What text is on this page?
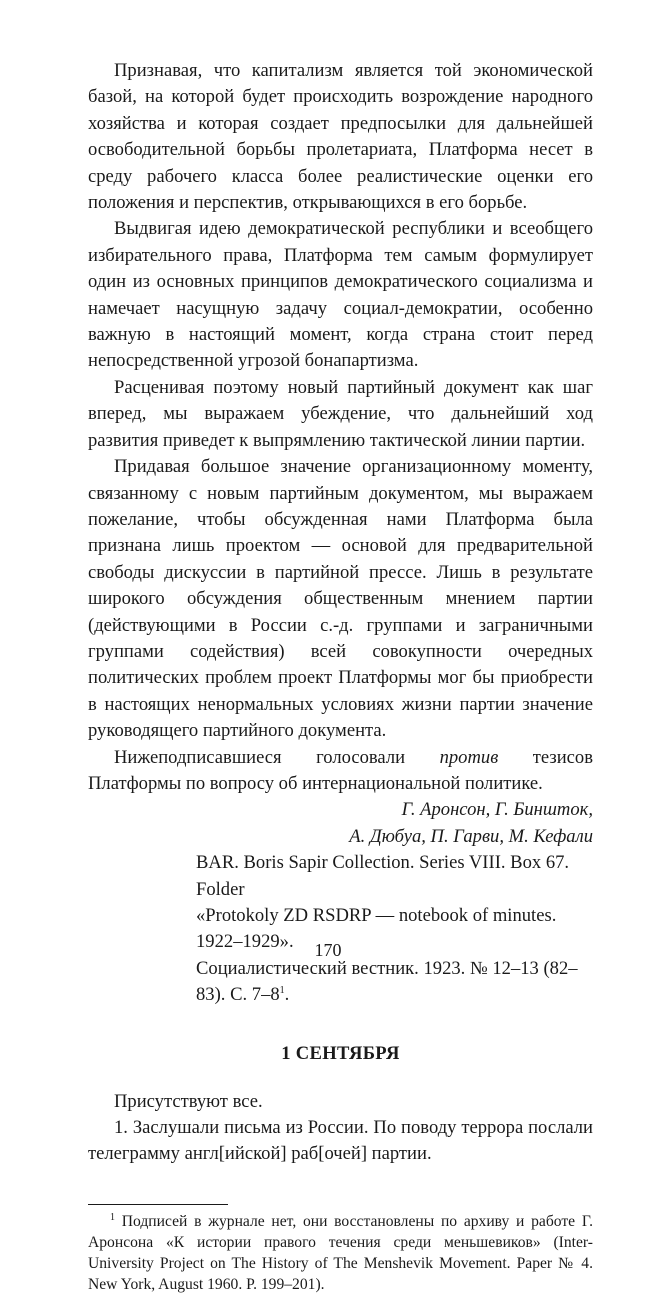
Признавая, что капитализм является той экономической базой, на которой будет происходить возрождение народного хозяйства и которая создает предпосылки для дальнейшей освободительной борьбы пролетариата, Платформа несет в среду рабочего класса более реалистические оценки его положения и перспектив, открывающихся в его борьбе.

Выдвигая идею демократической республики и всеобщего избирательного права, Платформа тем самым формулирует один из основных принципов демократического социализма и намечает насущную задачу социал-демократии, особенно важную в настоящий момент, когда страна стоит перед непосредственной угрозой бонапартизма.

Расценивая поэтому новый партийный документ как шаг вперед, мы выражаем убеждение, что дальнейший ход развития приведет к выпрямлению тактической линии партии.

Придавая большое значение организационному моменту, связанному с новым партийным документом, мы выражаем пожелание, чтобы обсужденная нами Платформа была признана лишь проектом — основой для предварительной свободы дискуссии в партийной прессе. Лишь в результате широкого обсуждения общественным мнением партии (действующими в России с.-д. группами и заграничными группами содействия) всей совокупности очередных политических проблем проект Платформы мог бы приобрести в настоящих ненормальных условиях жизни партии значение руководящего партийного документа.

Нижеподписавшиеся голосовали против тезисов Платформы по вопросу об интернациональной политике.

Г. Аронсон, Г. Биншток,
А. Дюбуа, П. Гарви, М. Кефали
BAR. Boris Sapir Collection. Series VIII. Box 67. Folder
«Protokoly ZD RSDRP — notebook of minutes. 1922–1929».
Социалистический вестник. 1923. № 12–13 (82–83). С. $7-8^1$.
1 СЕНТЯБРЯ

Присутствуют все.

1. Заслушали письма из России. По поводу террора послали телеграмму англ[ийской] раб[очей] партии.

$^1$ Подписей в журнале нет, они восстановлены по архиву и работе Г. Аронсона «К истории правого течения среди меньшевиков» (Inter-University Project on The History of The Menshevik Movement. Paper № 4. New York, August 1960. P. 199–201).

170
